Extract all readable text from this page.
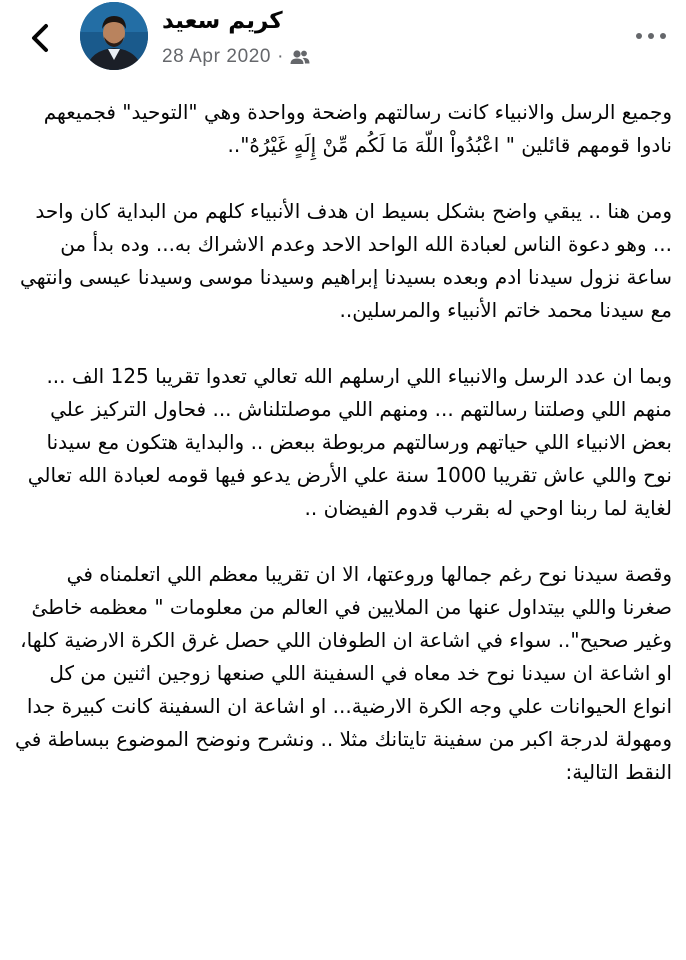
كريم سعيد
28 Apr 2020 ·

وجميع الرسل والانبياء كانت رسالتهم واضحة وواحدة وهي "التوحيد" فجميعهم نادوا قومهم قائلين " اعْبُدُواْ اللّهَ مَا لَكُم مِّنْ إِلَهٍ غَيْرُهُ"..

ومن هنا .. يبقي واضح بشكل بسيط ان هدف الأنبياء كلهم من البداية كان واحد ... وهو دعوة الناس لعبادة الله الواحد الاحد وعدم الاشراك به... وده بدأ من ساعة نزول سيدنا ادم وبعده بسيدنا إبراهيم وسيدنا موسى وسيدنا عيسى وانتهي مع سيدنا محمد خاتم الأنبياء والمرسلين..

وبما ان عدد الرسل والانبياء اللي ارسلهم الله تعالي تعدوا تقريبا 125 الف ... منهم اللي وصلتنا رسالتهم ... ومنهم اللي موصلتلناش ... فحاول التركيز علي بعض الانبياء اللي حياتهم ورسالتهم مربوطة ببعض .. والبداية هتكون مع سيدنا نوح واللي عاش تقريبا 1000 سنة علي الأرض يدعو فيها قومه لعبادة الله تعالي لغاية لما ربنا اوحي له بقرب قدوم الفيضان ..

وقصة سيدنا نوح رغم جمالها وروعتها، الا ان تقريبا معظم اللي اتعلمناه في صغرنا واللي بيتداول عنها من الملايين في العالم من معلومات " معظمه خاطئ وغير صحيح".. سواء في اشاعة ان الطوفان اللي حصل غرق الكرة الارضية كلها، او اشاعة ان سيدنا نوح خد معاه في السفينة اللي صنعها زوجين اثنين من كل انواع الحيوانات علي وجه الكرة الارضية... او اشاعة ان السفينة كانت كبيرة جدا ومهولة لدرجة اكبر من سفينة تايتانك مثلا .. ونشرح ونوضح الموضوع ببساطة في النقط التالية:
